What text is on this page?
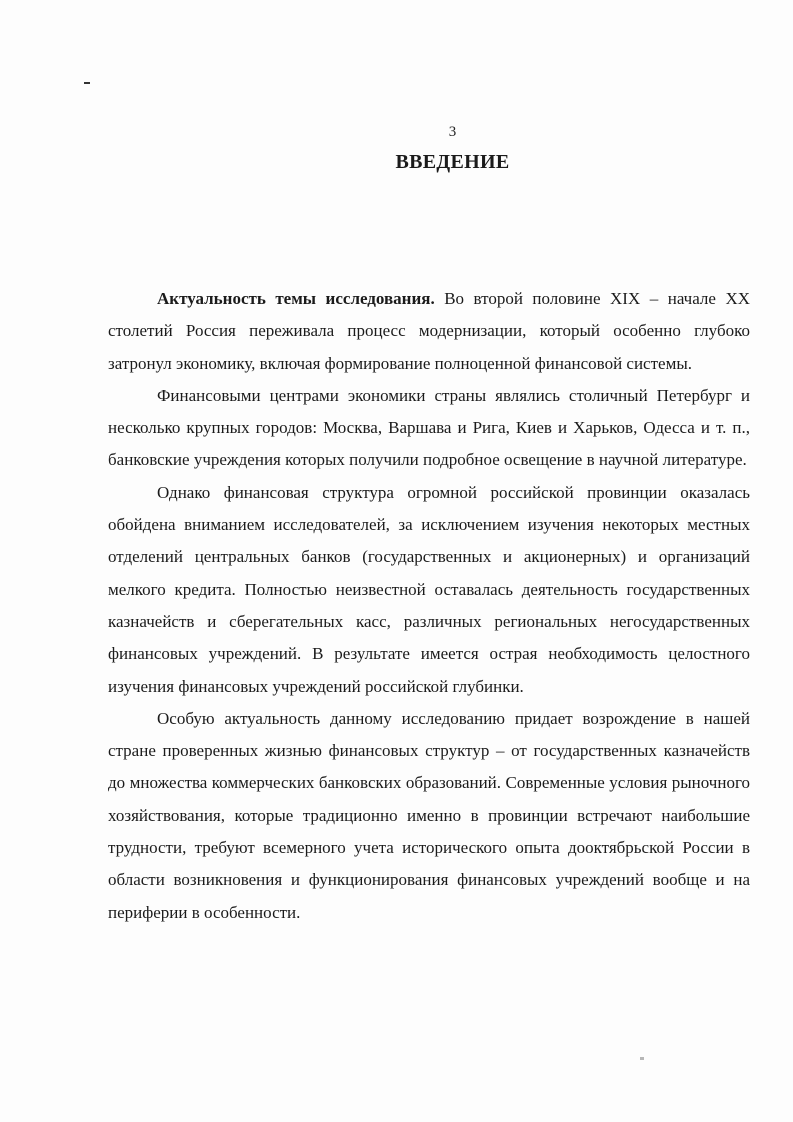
3
ВВЕДЕНИЕ

Актуальность темы исследования. Во второй половине XIX – начале XX столетий Россия переживала процесс модернизации, который особенно глубоко затронул экономику, включая формирование полноценной финансовой системы.

Финансовыми центрами экономики страны являлись столичный Петербург и несколько крупных городов: Москва, Варшава и Рига, Киев и Харьков, Одесса и т. п., банковские учреждения которых получили подробное освещение в научной литературе.

Однако финансовая структура огромной российской провинции оказалась обойдена вниманием исследователей, за исключением изучения некоторых местных отделений центральных банков (государственных и акционерных) и организаций мелкого кредита. Полностью неизвестной оставалась деятельность государственных казначейств и сберегательных касс, различных региональных негосударственных финансовых учреждений. В результате имеется острая необходимость целостного изучения финансовых учреждений российской глубинки.

Особую актуальность данному исследованию придает возрождение в нашей стране проверенных жизнью финансовых структур – от государственных казначейств до множества коммерческих банковских образований. Современные условия рыночного хозяйствования, которые традиционно именно в провинции встречают наибольшие трудности, требуют всемерного учета исторического опыта дооктябрьской России в области возникновения и функционирования финансовых учреждений вообще и на периферии в особенности.
